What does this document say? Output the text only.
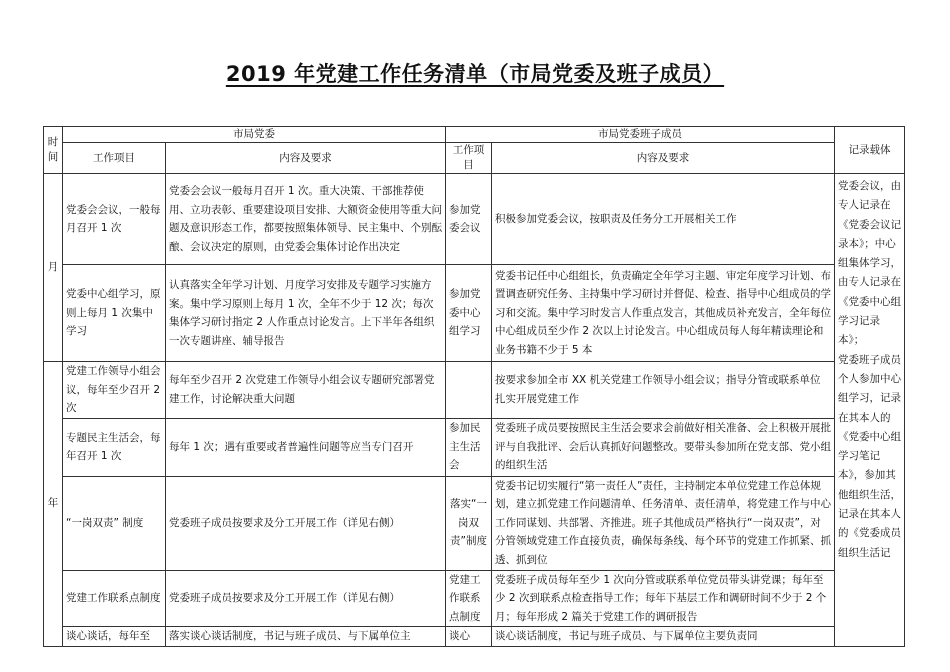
2019 年党建工作任务清单（市局党委及班子成员）
时间	市局党委		市局党委班子成员		记录载体
	工作项目	内容及要求	工作项目	内容及要求	
月	党委会会议，一般每月召开 1 次	党委会会议一般每月召开 1 次。重大决策、干部推荐使用、立功表彰、重要建设项目安排、大额资金使用等重大问题及意识形态工作，都要按照集体领导、民主集中、个别酝酿、会议决定的原则，由党委会集体讨论作出决定	参加党委会议	积极参加党委会议，按职责及任务分工开展相关工作	党委会议，由专人记录在《党委会议记录本》；中心组集体学习，由专人记录在《党委中心组学习记录本》；
党委班子成员个人参加中心组学习，记录在其本人的《党委中心组学习笔记本》，参加其他组织生活，记录在其本人的《党委成员组织生活记
	党委中心组学习，原则上每月 1 次集中学习	认真落实全年学习计划、月度学习安排及专题学习实施方案。集中学习原则上每月 1 次，全年不少于 12 次；每次集体学习研讨指定 2 人作重点讨论发言。上下半年各组织一次专题讲座、辅导报告	参加党委中心组学习	党委书记任中心组组长，负责确定全年学习主题、审定年度学习计划、布置调查研究任务、主持集中学习研讨并督促、检查、指导中心组成员的学习和交流。集中学习时发言人作重点发言，其他成员补充发言，全年每位中心组成员至少作 2 次以上讨论发言。中心组成员每人每年精读理论和业务书籍不少于 5 本	
年	党建工作领导小组会议，每年至少召开 2 次	每年至少召开 2 次党建工作领导小组会议专题研究部署党建工作，讨论解决重大问题		按要求参加全市 XX 机关党建工作领导小组会议；指导分管或联系单位扎实开展党建工作	
	专题民主生活会，每年召开 1 次	每年 1 次；遇有重要或者普遍性问题等应当专门召开	参加民主生活会	党委班子成员要按照民主生活会要求会前做好相关准备、会上积极开展批评与自我批评、会后认真抓好问题整改。要带头参加所在党支部、党小组的组织生活	
	“一岗双责” 制度	党委班子成员按要求及分工开展工作（详见右侧）	落实“一岗双责”制度	党委书记切实履行“第一责任人”责任，主持制定本单位党建工作总体规划，建立抓党建工作问题清单、任务清单、责任清单，将党建工作与中心工作同谋划、共部署、齐推进。班子其他成员严格执行“一岗双责”，对分管领域党建工作直接负责，确保每条线、每个环节的党建工作抓紧、抓透、抓到位	
	党建工作联系点制度	党委班子成员按要求及分工开展工作（详见右侧）	党建工作联系点制度	党委班子成员每年至少 1 次向分管或联系单位党员带头讲党课；每年至少 2 次到联系点检查指导工作；每年下基层工作和调研时间不少于 2 个月；每年形成 2 篇关于党建工作的调研报告	
	谈心谈话，每年至	落实谈心谈话制度，书记与班子成员、与下属单位主	谈心	谈心谈话制度，书记与班子成员、与下属单位主要负责同	
